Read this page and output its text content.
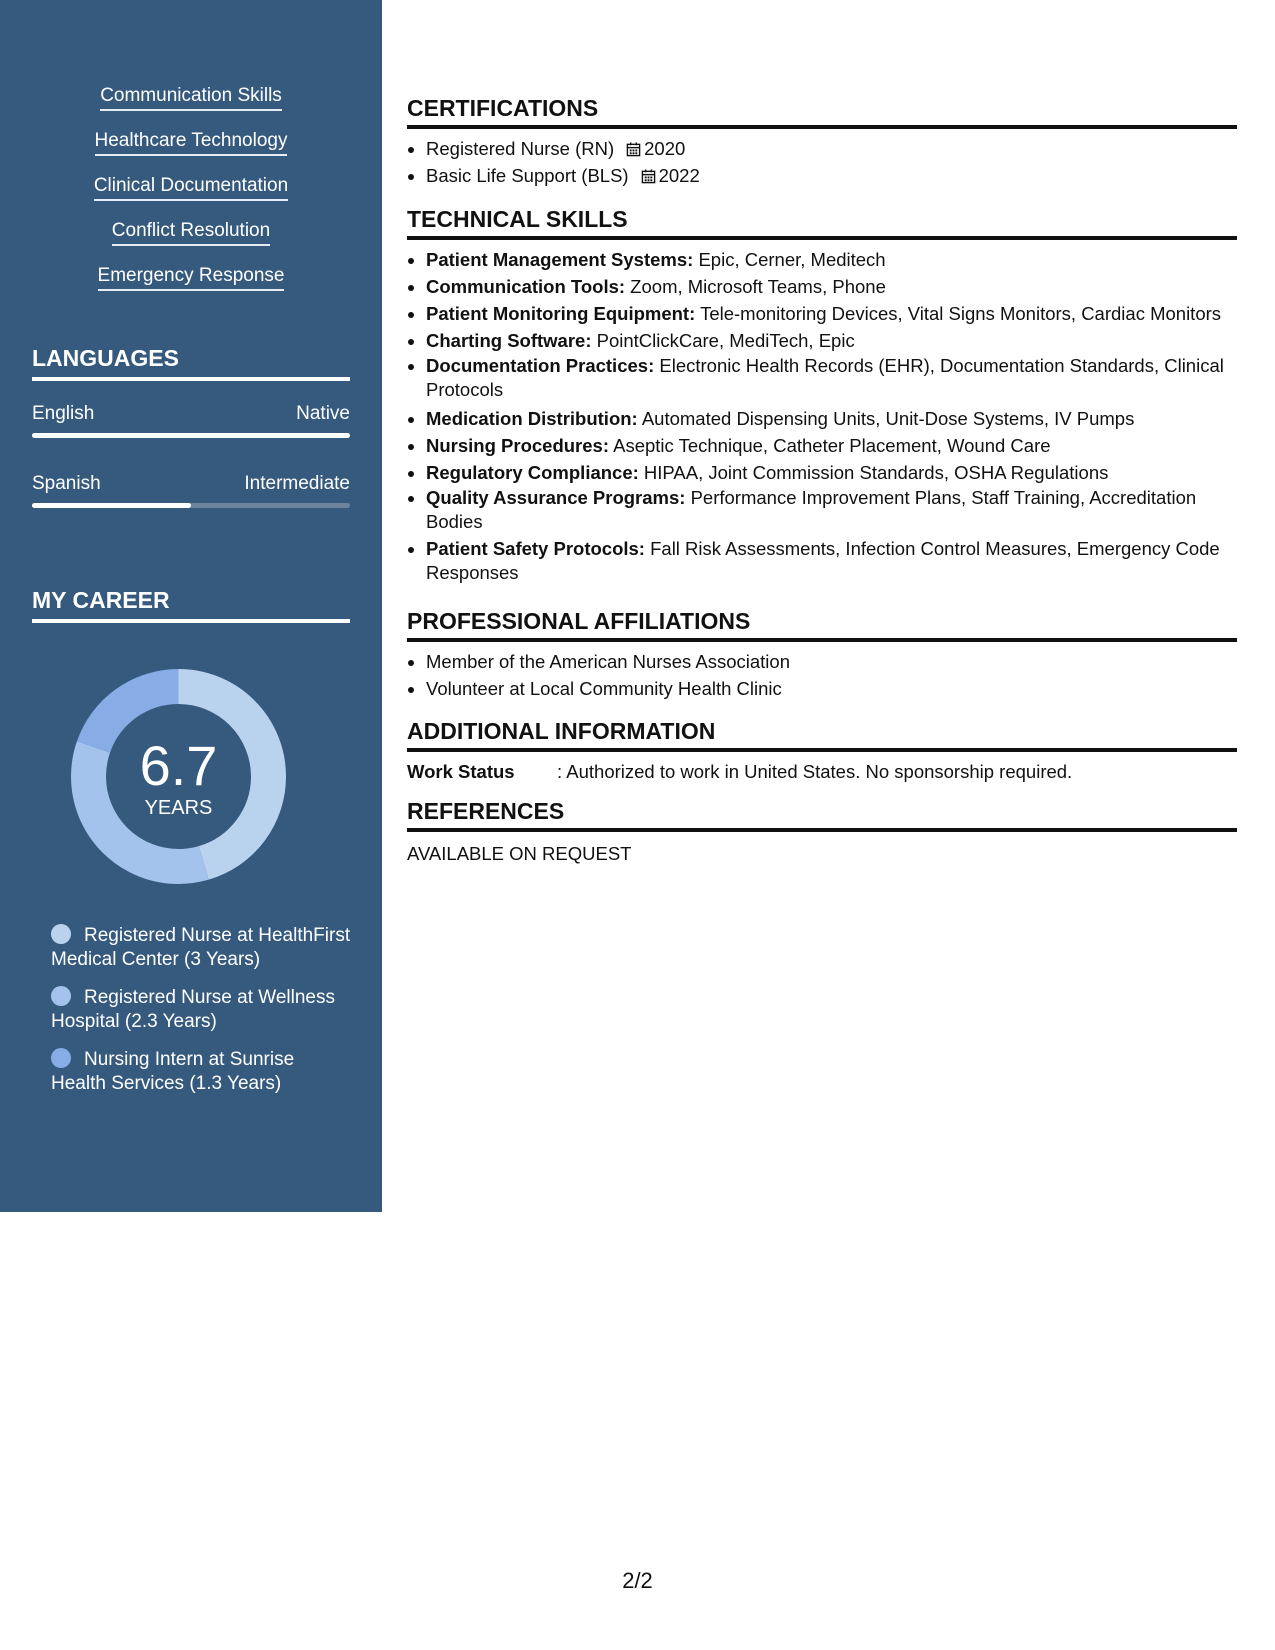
Communication Skills
Healthcare Technology
Clinical Documentation
Conflict Resolution
Emergency Response
LANGUAGES
English	Native
Spanish	Intermediate
MY CAREER
6.7
YEARS
Registered Nurse at HealthFirst Medical Center (3 Years)
Registered Nurse at Wellness Hospital (2.3 Years)
Nursing Intern at Sunrise Health Services (1.3 Years)
CERTIFICATIONS
• Registered Nurse (RN) 2020
• Basic Life Support (BLS) 2022
TECHNICAL SKILLS
• Patient Management Systems: Epic, Cerner, Meditech
• Communication Tools: Zoom, Microsoft Teams, Phone
• Patient Monitoring Equipment: Tele-monitoring Devices, Vital Signs Monitors, Cardiac Monitors
• Charting Software: PointClickCare, MediTech, Epic
• Documentation Practices: Electronic Health Records (EHR), Documentation Standards, Clinical Protocols
• Medication Distribution: Automated Dispensing Units, Unit-Dose Systems, IV Pumps
• Nursing Procedures: Aseptic Technique, Catheter Placement, Wound Care
• Regulatory Compliance: HIPAA, Joint Commission Standards, OSHA Regulations
• Quality Assurance Programs: Performance Improvement Plans, Staff Training, Accreditation Bodies
• Patient Safety Protocols: Fall Risk Assessments, Infection Control Measures, Emergency Code Responses
PROFESSIONAL AFFILIATIONS
• Member of the American Nurses Association
• Volunteer at Local Community Health Clinic
ADDITIONAL INFORMATION
Work Status : Authorized to work in United States. No sponsorship required.
REFERENCES
AVAILABLE ON REQUEST
2/2
